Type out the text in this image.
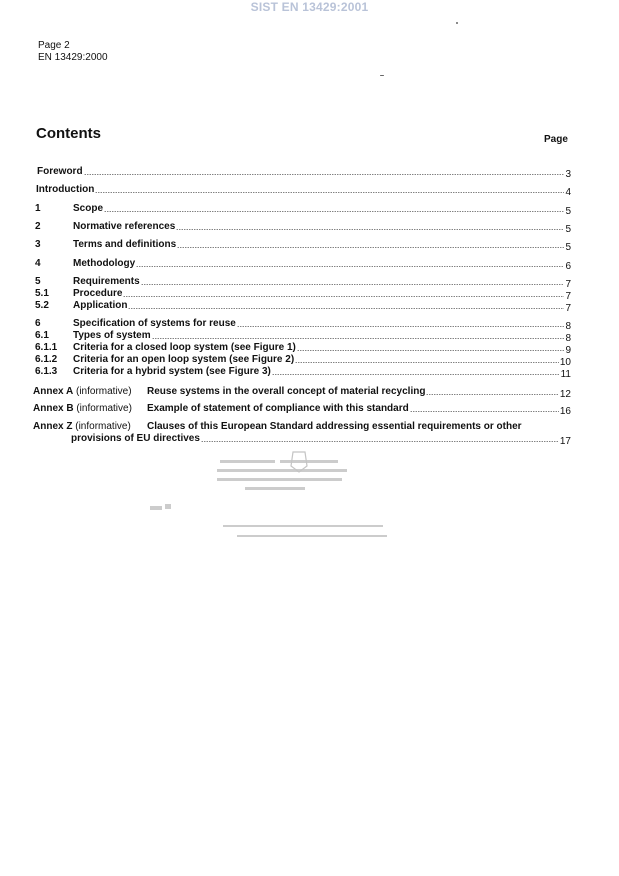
SIST EN 13429:2001
Page 2
EN 13429:2000
Contents	Page
Foreword	3
Introduction	4
1	Scope	5
2	Normative references	5
3	Terms and definitions	5
4	Methodology	6
5	Requirements	7
5.1 Procedure	7
5.2 Application	7
6	Specification of systems for reuse	8
6.1 Types of system	8
6.1.1 Criteria for a closed loop system (see Figure 1)	9
6.1.2 Criteria for an open loop system (see Figure 2)	10
6.1.3 Criteria for a hybrid system (see Figure 3)	11
Annex A (informative) Reuse systems in the overall concept of material recycling	12
Annex B (informative) Example of statement of compliance with this standard	16
Annex Z (informative) Clauses of this European Standard addressing essential requirements or other
provisions of EU directives	17
